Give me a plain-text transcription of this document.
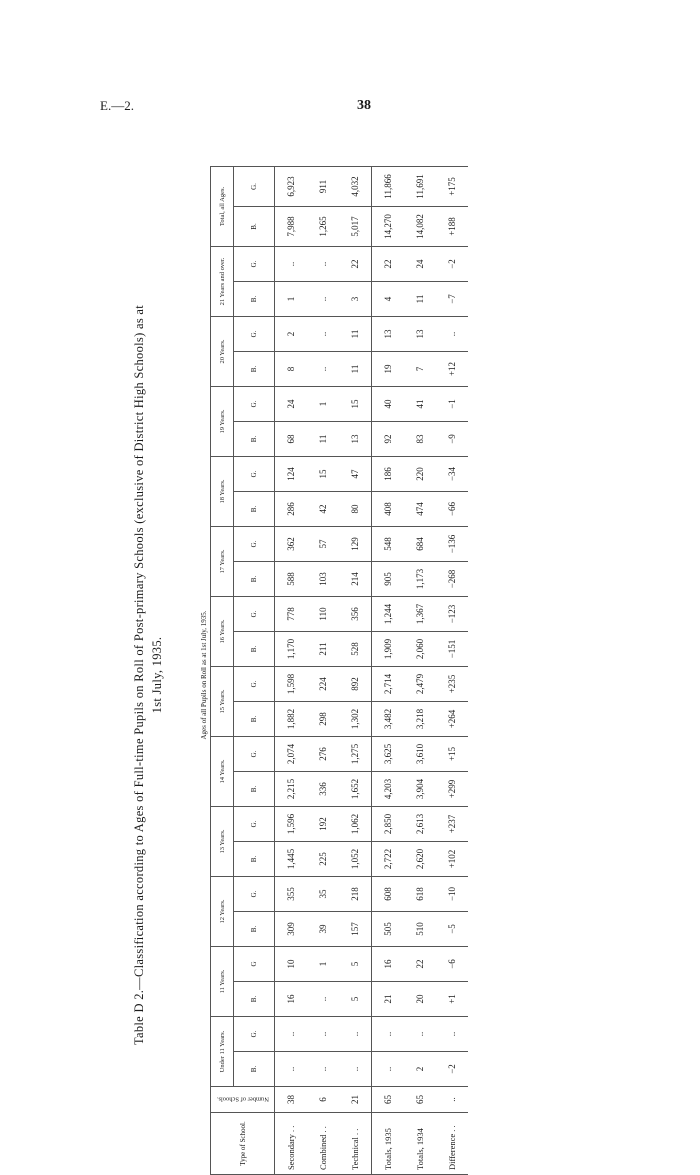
E.—2.	38
Table D 2.—Classification according to Ages of Full-time Pupils on Roll of Post-primary Schools (exclusive of District High Schools) as at 1st July, 1935.	Ages of all Pupils on Roll as at 1st July, 1935.
Type of School.	Number of Schools.	Under 11 Years.		11 Years.		12 Years.		13 Years.		14 Years.		15 Years.		16 Years.		17 Years.		18 Years.		19 Years.		20 Years.		21 Years and over.		Total, all Ages.	
		B.	G.	B.	G	B.	G.	B.	G.	B.	G.	B.	G.	B.	G.	B.	G.	B.	G.	B.	G.	B.	G.	B.	G.	B.	G.
Secondary . .	38	..	..	16	10	309	355	1,445	1,596	2,215	2,074	1,882	1,598	1,170	778	588	362	286	124	68	24	8	2	1	..	7,988	6,923
Combined . .	6	..	..	..	1	39	35	225	192	336	276	298	224	211	110	103	57	42	15	11	1	..	..	..	..	1,265	911
Technical . .	21	..	..	5	5	157	218	1,052	1,062	1,652	1,275	1,302	892	528	356	214	129	80	47	13	15	11	11	3	22	5,017	4,032
Totals, 1935	65	..	..	21	16	505	608	2,722	2,850	4,203	3,625	3,482	2,714	1,909	1,244	905	548	408	186	92	40	19	13	4	22	14,270	11,866
Totals, 1934	65	2	..	20	22	510	618	2,620	2,613	3,904	3,610	3,218	2,479	2,060	1,367	1,173	684	474	220	83	41	7	13	11	24	14,082	11,691
Difference . .	..	−2	..	+1	−6	−5	−10	+102	+237	+299	+15	+264	+235	−151	−123	−268	−136	−66	−34	−9	−1	+12	..	−7	−2	+188	+175
